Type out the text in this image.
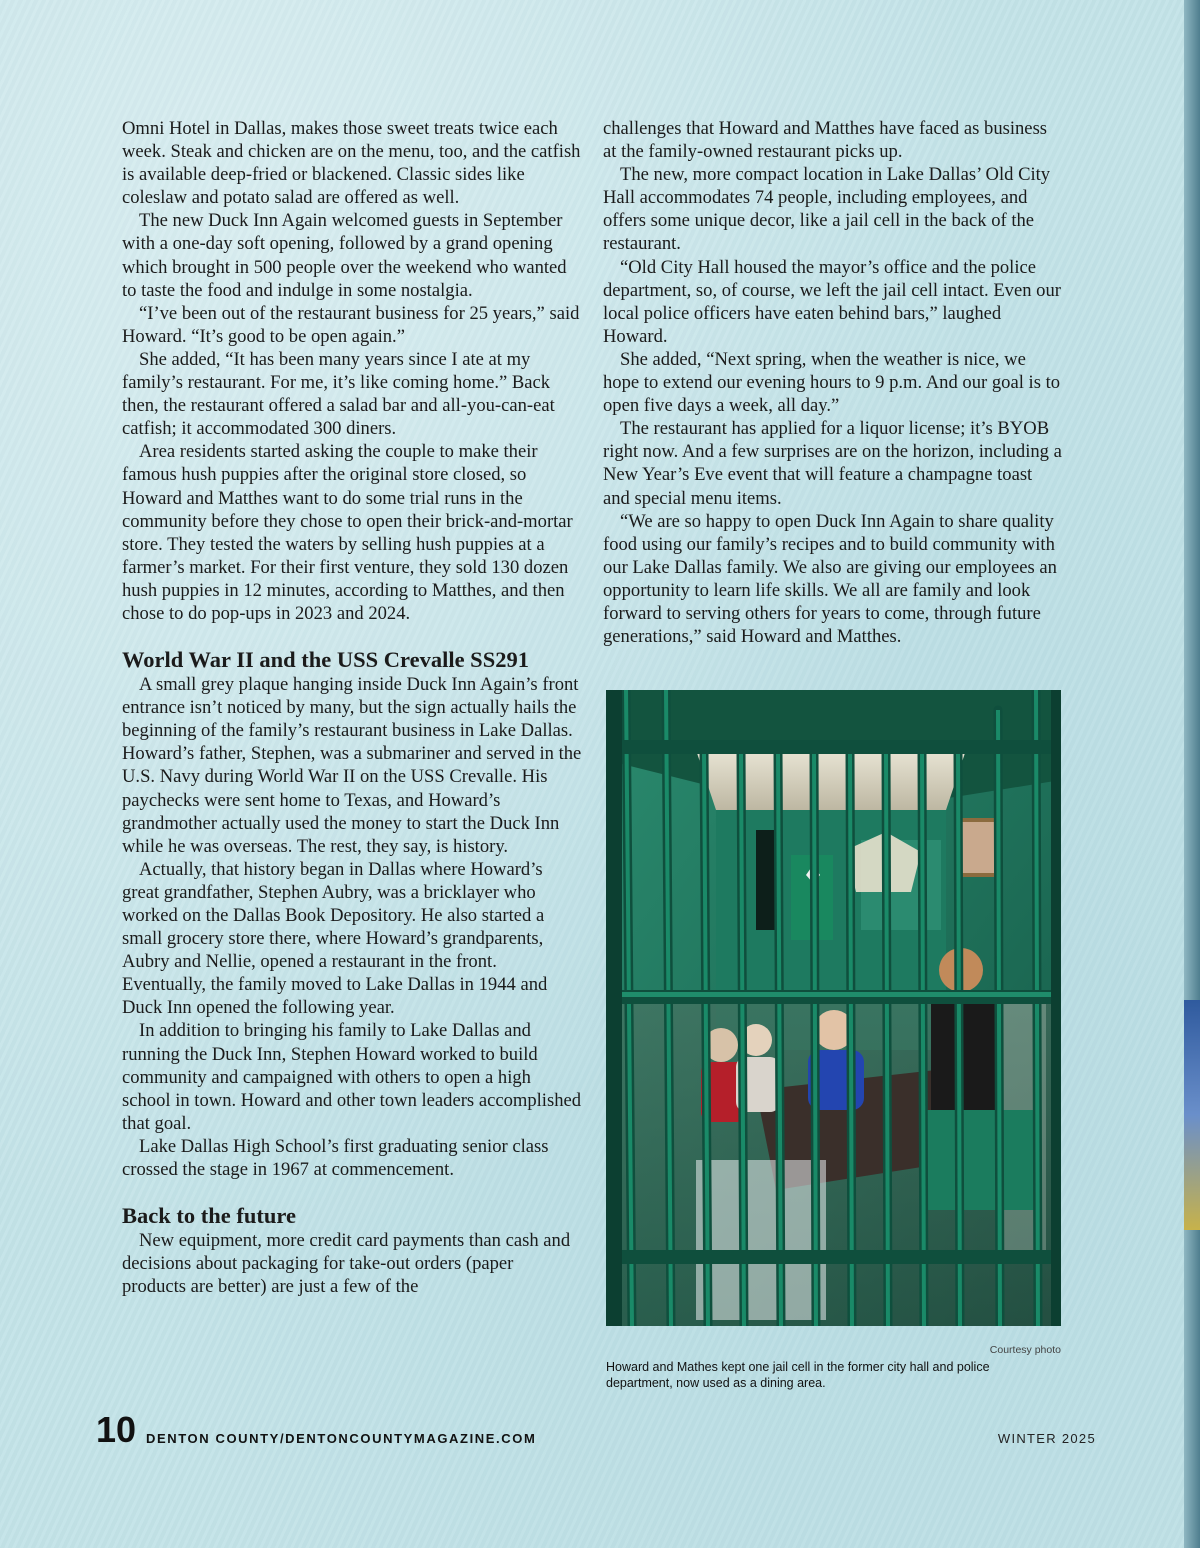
Omni Hotel in Dallas, makes those sweet treats twice each week. Steak and chicken are on the menu, too, and the catfish is available deep-fried or blackened. Classic sides like coleslaw and potato salad are offered as well.

The new Duck Inn Again welcomed guests in September with a one-day soft opening, followed by a grand opening which brought in 500 people over the weekend who wanted to taste the food and indulge in some nostalgia.

“I’ve been out of the restaurant business for 25 years,” said Howard. “It’s good to be open again.”

She added, “It has been many years since I ate at my family’s restaurant. For me, it’s like coming home.” Back then, the restaurant offered a salad bar and all-you-can-eat catfish; it accommodated 300 diners.

Area residents started asking the couple to make their famous hush puppies after the original store closed, so Howard and Matthes want to do some trial runs in the community before they chose to open their brick-and-mortar store. They tested the waters by selling hush puppies at a farmer’s market. For their first venture, they sold 130 dozen hush puppies in 12 minutes, according to Matthes, and then chose to do pop-ups in 2023 and 2024.

World War II and the USS Crevalle SS291

A small grey plaque hanging inside Duck Inn Again’s front entrance isn’t noticed by many, but the sign actually hails the beginning of the family’s restaurant business in Lake Dallas. Howard’s father, Stephen, was a submariner and served in the U.S. Navy during World War II on the USS Crevalle. His paychecks were sent home to Texas, and Howard’s grandmother actually used the money to start the Duck Inn while he was overseas. The rest, they say, is history.

Actually, that history began in Dallas where Howard’s great grandfather, Stephen Aubry, was a bricklayer who worked on the Dallas Book Depository. He also started a small grocery store there, where Howard’s grandparents, Aubry and Nellie, opened a restaurant in the front. Eventually, the family moved to Lake Dallas in 1944 and Duck Inn opened the following year.

In addition to bringing his family to Lake Dallas and running the Duck Inn, Stephen Howard worked to build community and campaigned with others to open a high school in town. Howard and other town leaders accomplished that goal.

Lake Dallas High School’s first graduating senior class crossed the stage in 1967 at commencement.

Back to the future

New equipment, more credit card payments than cash and decisions about packaging for take-out orders (paper products are better) are just a few of the

challenges that Howard and Matthes have faced as business at the family-owned restaurant picks up.

The new, more compact location in Lake Dallas’ Old City Hall accommodates 74 people, including employees, and offers some unique decor, like a jail cell in the back of the restaurant.

“Old City Hall housed the mayor’s office and the police department, so, of course, we left the jail cell intact. Even our local police officers have eaten behind bars,” laughed Howard.

She added, “Next spring, when the weather is nice, we hope to extend our evening hours to 9 p.m. And our goal is to open five days a week, all day.”

The restaurant has applied for a liquor license; it’s BYOB right now. And a few surprises are on the horizon, including a New Year’s Eve event that will feature a champagne toast and special menu items.

“We are so happy to open Duck Inn Again to share quality food using our family’s recipes and to build community with our Lake Dallas family. We also are giving our employees an opportunity to learn life skills. We all are family and look forward to serving others for years to come, through future generations,” said Howard and Matthes.

Courtesy photo
Howard and Mathes kept one jail cell in the former city hall and police department, now used as a dining area.
10 DENTON COUNTY/DENTONCOUNTYMAGAZINE.COM	WINTER 2025
